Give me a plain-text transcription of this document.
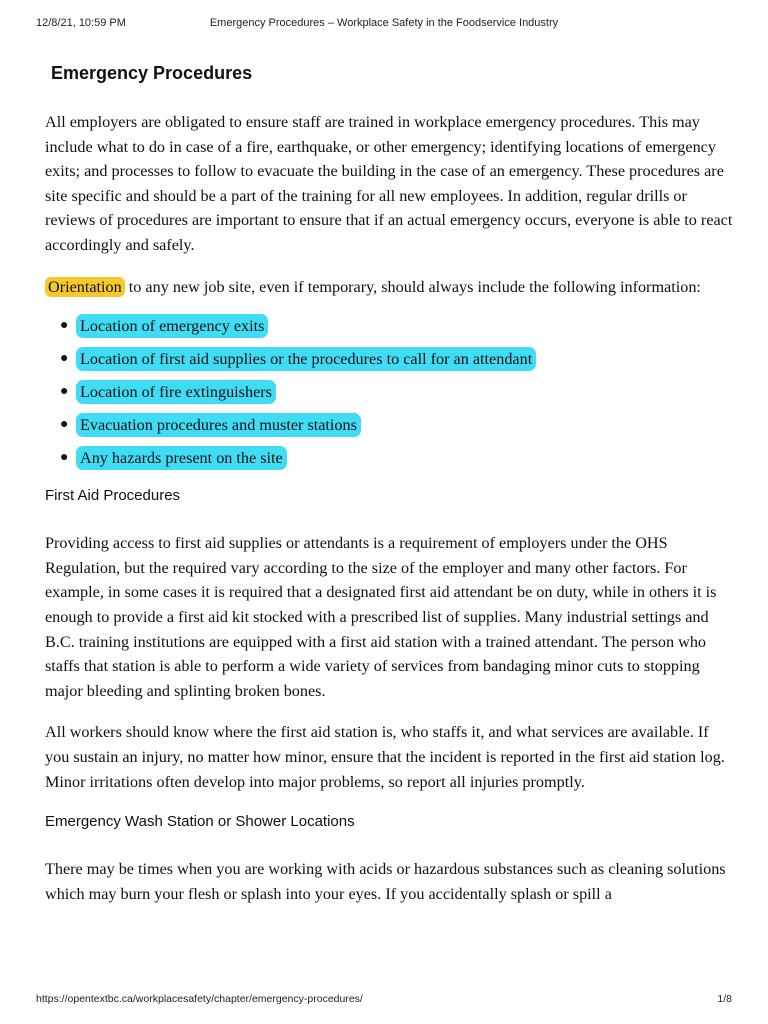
12/8/21, 10:59 PM	Emergency Procedures – Workplace Safety in the Foodservice Industry
Emergency Procedures

All employers are obligated to ensure staff are trained in workplace emergency procedures. This may include what to do in case of a fire, earthquake, or other emergency; identifying locations of emergency exits; and processes to follow to evacuate the building in the case of an emergency. These procedures are site specific and should be a part of the training for all new employees. In addition, regular drills or reviews of procedures are important to ensure that if an actual emergency occurs, everyone is able to react accordingly and safely.

Orientation to any new job site, even if temporary, should always include the following information:

● Location of emergency exits
● Location of first aid supplies or the procedures to call for an attendant
● Location of fire extinguishers
● Evacuation procedures and muster stations
● Any hazards present on the site
First Aid Procedures

Providing access to first aid supplies or attendants is a requirement of employers under the OHS Regulation, but the required vary according to the size of the employer and many other factors. For example, in some cases it is required that a designated first aid attendant be on duty, while in others it is enough to provide a first aid kit stocked with a prescribed list of supplies. Many industrial settings and B.C. training institutions are equipped with a first aid station with a trained attendant. The person who staffs that station is able to perform a wide variety of services from bandaging minor cuts to stopping major bleeding and splinting broken bones.

All workers should know where the first aid station is, who staffs it, and what services are available. If you sustain an injury, no matter how minor, ensure that the incident is reported in the first aid station log. Minor irritations often develop into major problems, so report all injuries promptly.

Emergency Wash Station or Shower Locations

There may be times when you are working with acids or hazardous substances such as cleaning solutions which may burn your flesh or splash into your eyes. If you accidentally splash or spill a

https://opentextbc.ca/workplacesafety/chapter/emergency-procedures/	1/8
